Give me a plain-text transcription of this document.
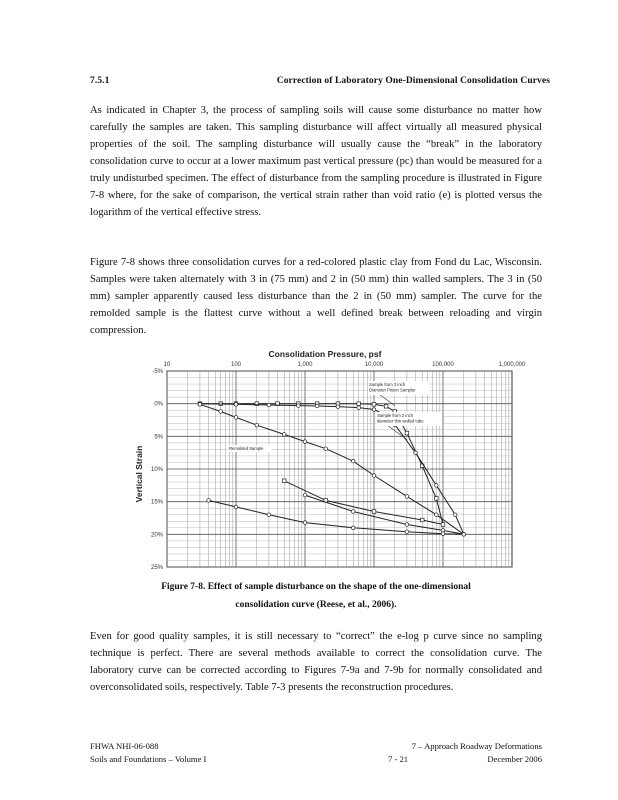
7.5.1	Correction of Laboratory One-Dimensional Consolidation Curves
As indicated in Chapter 3, the process of sampling soils will cause some disturbance no matter how carefully the samples are taken. This sampling disturbance will affect virtually all measured physical properties of the soil. The sampling disturbance will usually cause the “break” in the laboratory consolidation curve to occur at a lower maximum past vertical pressure (pc) than would be measured for a truly undisturbed specimen. The effect of disturbance from the sampling procedure is illustrated in Figure 7-8 where, for the sake of comparison, the vertical strain rather than void ratio (e) is plotted versus the logarithm of the vertical effective stress.
Figure 7-8 shows three consolidation curves for a red-colored plastic clay from Fond du Lac, Wisconsin. Samples were taken alternately with 3 in (75 mm) and 2 in (50 mm) thin walled samplers. The 3 in (50 mm) sampler apparently caused less disturbance than the 2 in (50 mm) sampler. The curve for the remolded sample is the flattest curve without a well defined break between reloading and virgin compression.
Consolidation Pressure, psf
Vertical Strain
10	100	1,000	10,000	100,000	1,000,000
-5%
0%
5%
10%
15%
20%
25%
Sample from 3 inch Diameter Piston Sampler
Sample from 2 inch diameter thin walled tube
Remolded Sample
Figure 7-8. Effect of sample disturbance on the shape of the one-dimensional
consolidation curve (Reese, et al., 2006).
Even for good quality samples, it is still necessary to “correct” the e-log p curve since no sampling technique is perfect. There are several methods available to correct the consolidation curve. The laboratory curve can be corrected according to Figures 7-9a and 7-9b for normally consolidated and overconsolidated soils, respectively. Table 7-3 presents the reconstruction procedures.
FHWA NHI-06-088	7 – Approach Roadway Deformations
Soils and Foundations – Volume I	7 - 21	December 2006
